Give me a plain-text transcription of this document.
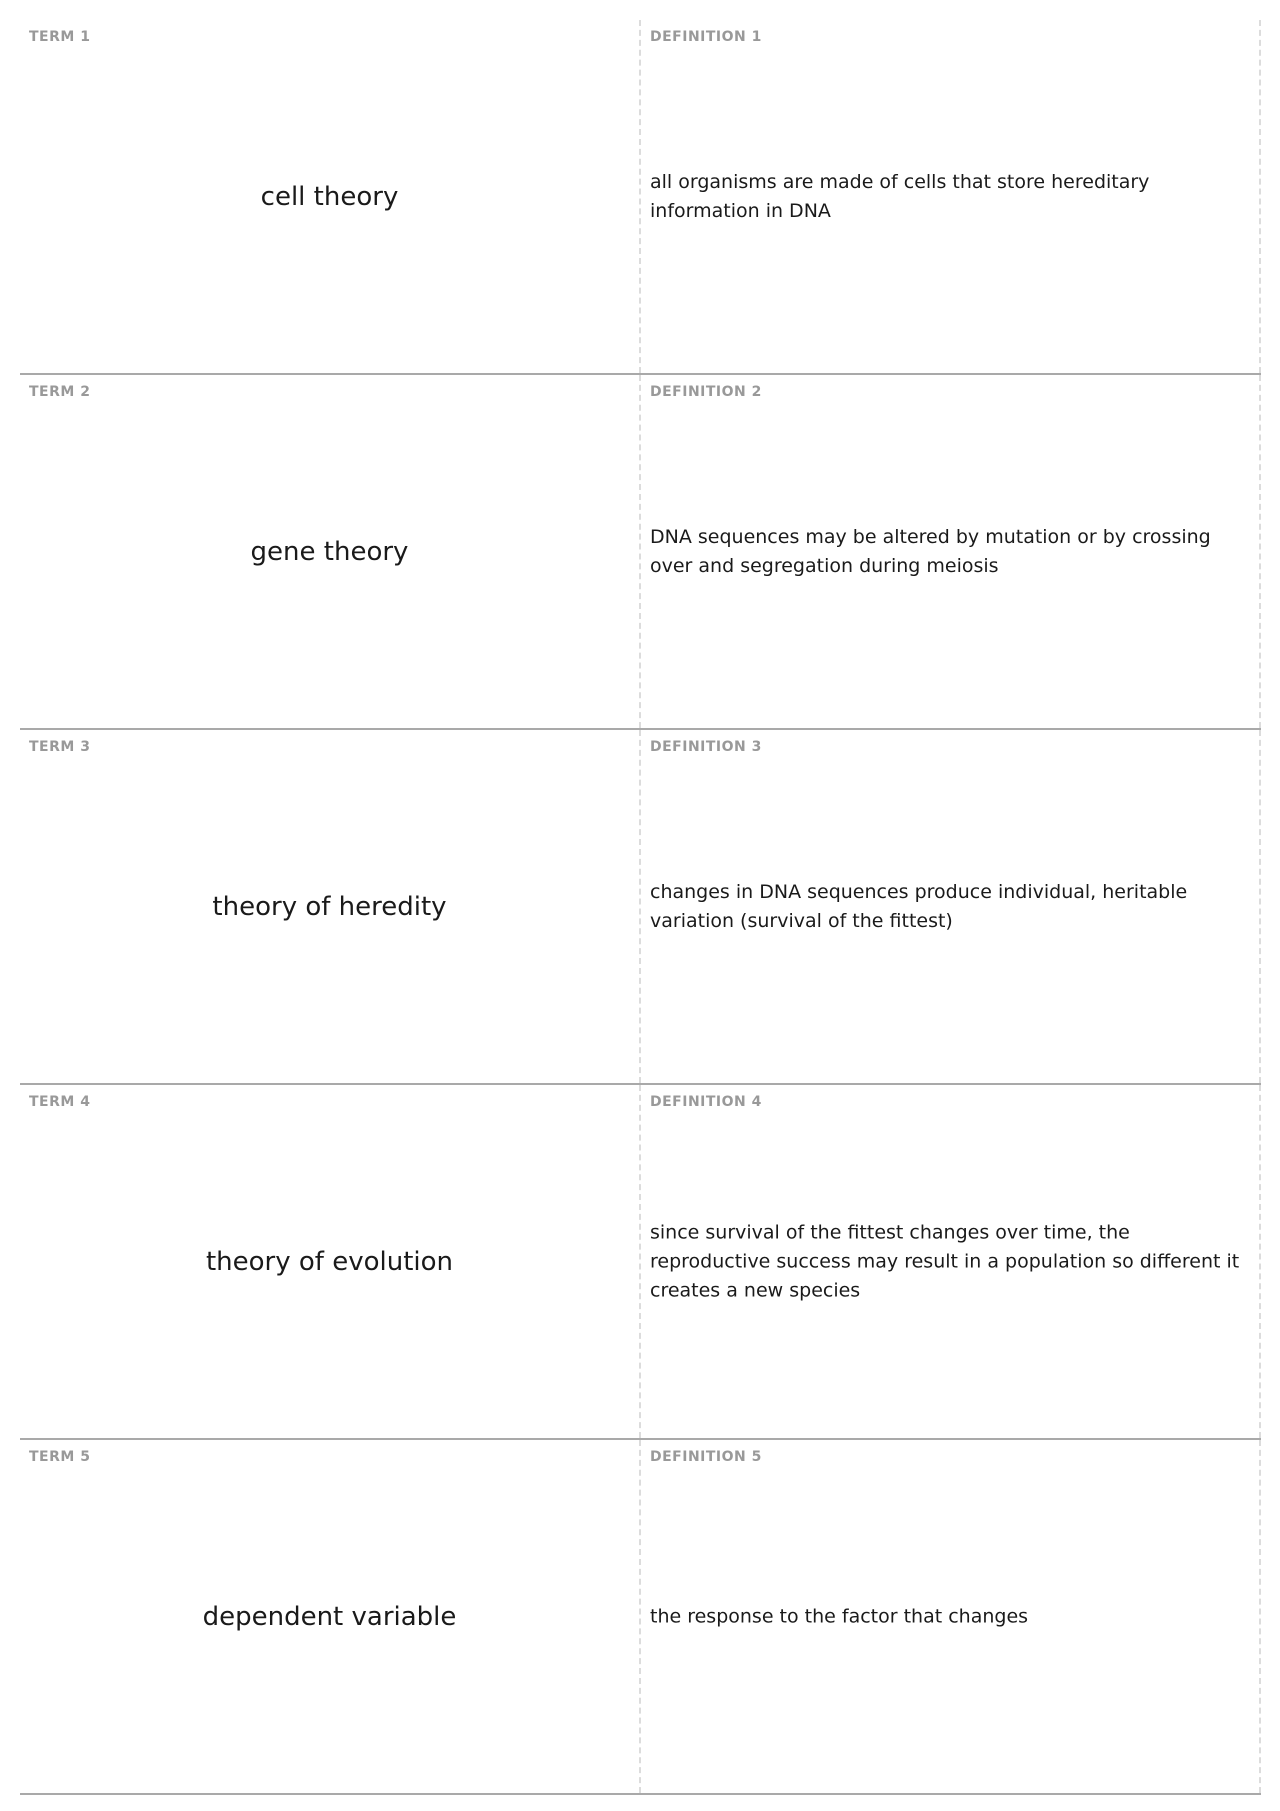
TERM 1
cell theory
DEFINITION 1
all organisms are made of cells that store hereditary information in DNA
TERM 2
gene theory
DEFINITION 2
DNA sequences may be altered by mutation or by crossing over and segregation during meiosis
TERM 3
theory of heredity
DEFINITION 3
changes in DNA sequences produce individual, heritable variation (survival of the fittest)
TERM 4
theory of evolution
DEFINITION 4
since survival of the fittest changes over time, the reproductive success may result in a population so different it creates a new species
TERM 5
dependent variable
DEFINITION 5
the response to the factor that changes
